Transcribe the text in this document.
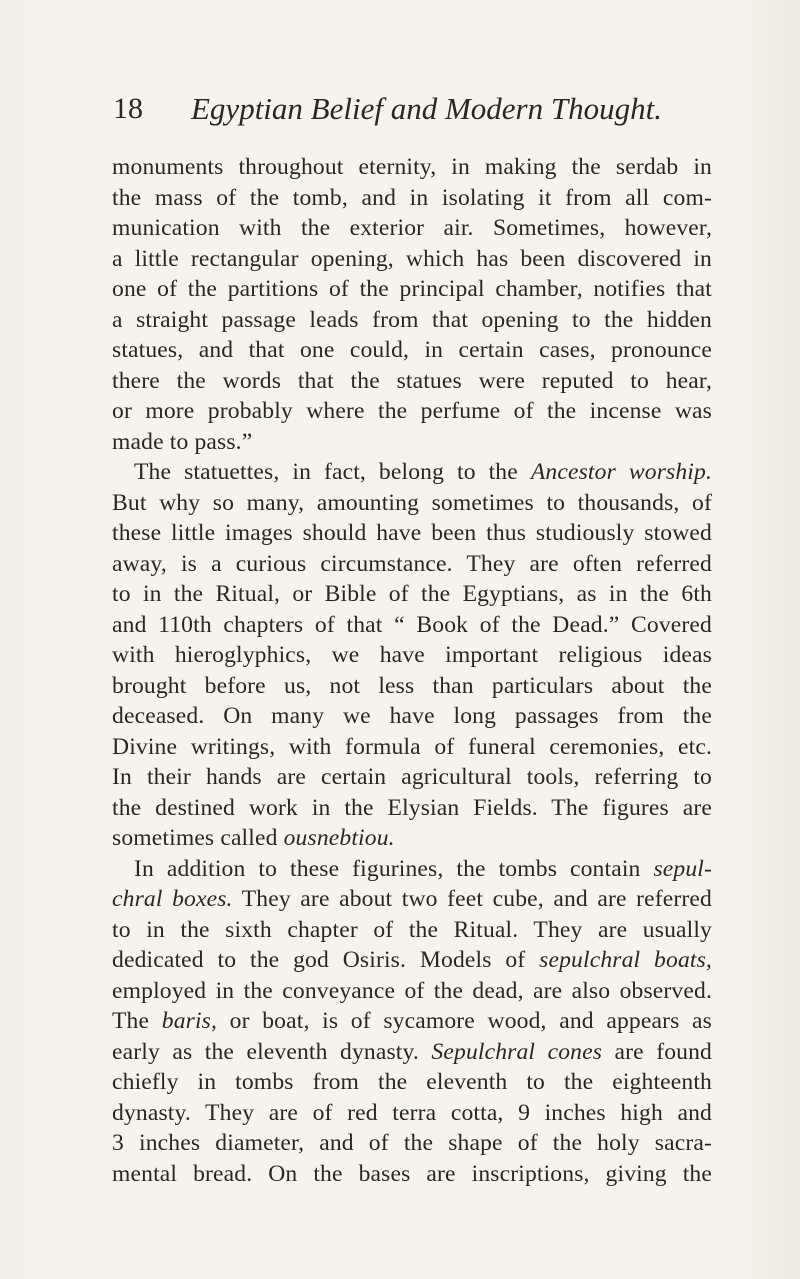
18 Egyptian Belief and Modern Thought.
monuments throughout eternity, in making the serdab in
the mass of the tomb, and in isolating it from all com-
munication with the exterior air. Sometimes, however,
a little rectangular opening, which has been discovered in
one of the partitions of the principal chamber, notifies that
a straight passage leads from that opening to the hidden
statues, and that one could, in certain cases, pronounce
there the words that the statues were reputed to hear,
or more probably where the perfume of the incense was
made to pass.”
The statuettes, in fact, belong to the Ancestor worship.
But why so many, amounting sometimes to thousands, of
these little images should have been thus studiously stowed
away, is a curious circumstance. They are often referred
to in the Ritual, or Bible of the Egyptians, as in the 6th
and 110th chapters of that “ Book of the Dead.” Covered
with hieroglyphics, we have important religious ideas
brought before us, not less than particulars about the
deceased. On many we have long passages from the
Divine writings, with formula of funeral ceremonies, etc.
In their hands are certain agricultural tools, referring to
the destined work in the Elysian Fields. The figures are
sometimes called ousnebtiou.
In addition to these figurines, the tombs contain sepul-
chral boxes. They are about two feet cube, and are referred
to in the sixth chapter of the Ritual. They are usually
dedicated to the god Osiris. Models of sepulchral boats,
employed in the conveyance of the dead, are also observed.
The baris, or boat, is of sycamore wood, and appears as
early as the eleventh dynasty. Sepulchral cones are found
chiefly in tombs from the eleventh to the eighteenth
dynasty. They are of red terra cotta, 9 inches high and
3 inches diameter, and of the shape of the holy sacra-
mental bread. On the bases are inscriptions, giving the
